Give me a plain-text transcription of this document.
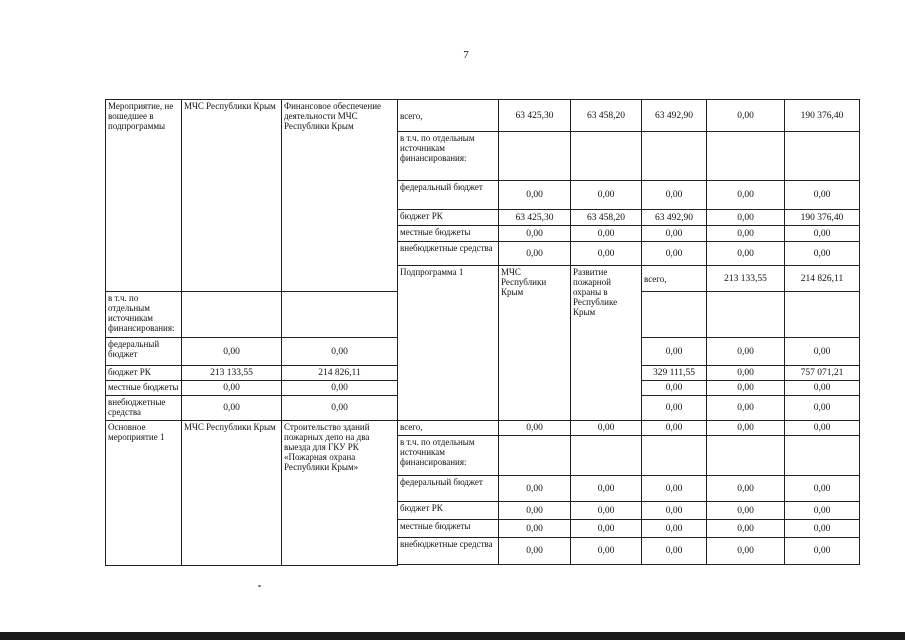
7
Мероприятие, не вошедшее в подпрограммы	МЧС Республики Крым	Финансовое обеспечение деятельности МЧС Республики Крым	всего,	63 425,30	63 458,20	63 492,90	0,00	190 376,40	
			в т.ч. по отдельным источникам финансирования:						
			федеральный бюджет	0,00	0,00	0,00	0,00	0,00	
			бюджет РК	63 425,30	63 458,20	63 492,90	0,00	190 376,40	
			местные бюджеты	0,00	0,00	0,00	0,00	0,00	
			внебюджетные средства	0,00	0,00	0,00	0,00	0,00	
			Подпрограмма 1	МЧС Республики Крым	Развитие пожарной охраны в Республике Крым	всего,	213 133,55	214 826,11			
в т.ч. по отдельным источникам финансирования:									
федеральный бюджет	0,00	0,00				0,00	0,00	0,00	
бюджет РК	213 133,55	214 826,11				329 111,55	0,00	757 071,21	
местные бюджеты	0,00	0,00				0,00	0,00	0,00	
внебюджетные средства	0,00	0,00				0,00	0,00	0,00	
Основное мероприятие 1	МЧС Республики Крым	Строительство зданий пожарных депо на два выезда для ГКУ РК «Пожарная охрана Республики Крым»	всего,	0,00	0,00	0,00	0,00	0,00	
			в т.ч. по отдельным источникам финансирования:						
			федеральный бюджет	0,00	0,00	0,00	0,00	0,00	
			бюджет РК	0,00	0,00	0,00	0,00	0,00	
			местные бюджеты	0,00	0,00	0,00	0,00	0,00	
			внебюджетные средства	0,00	0,00	0,00	0,00	0,00	
